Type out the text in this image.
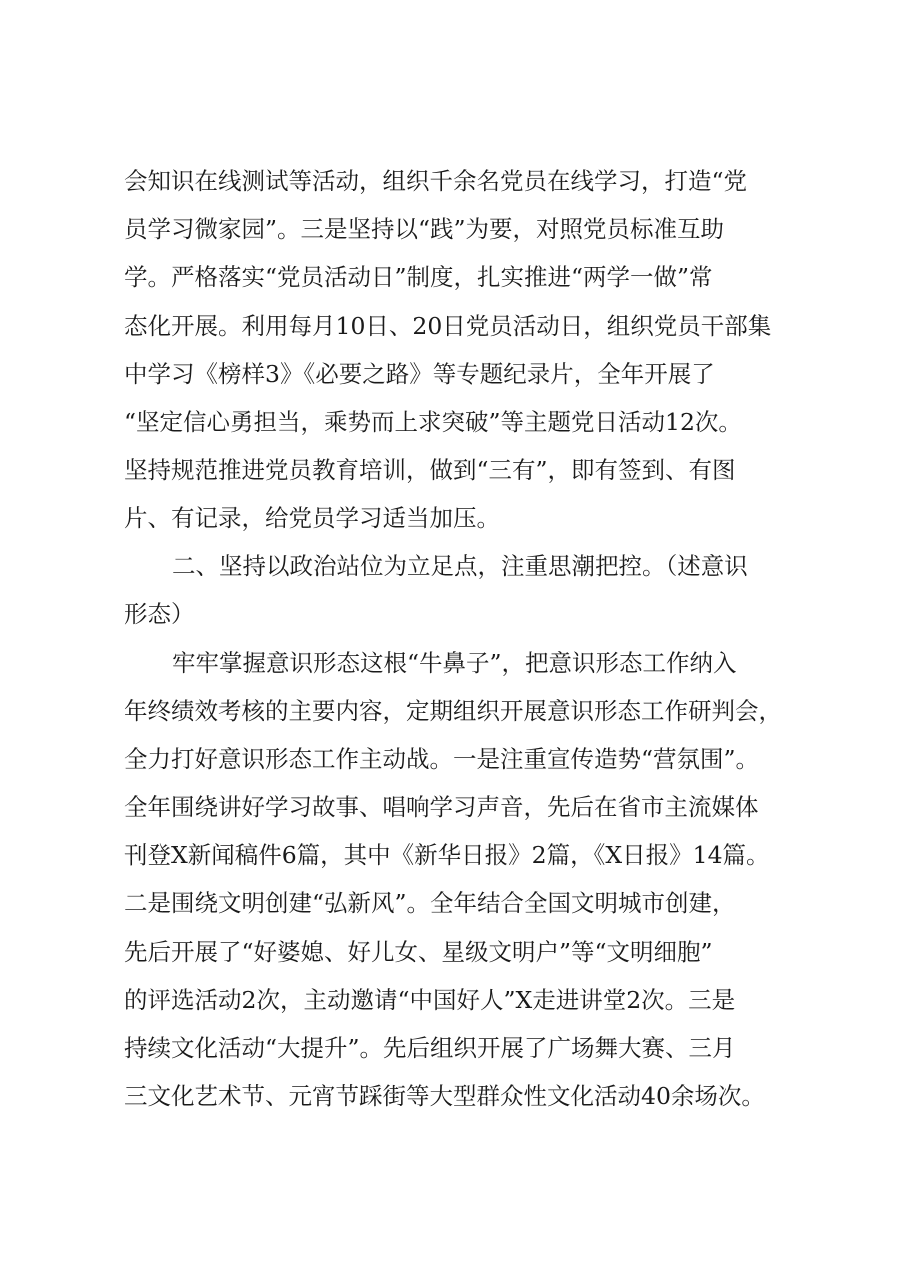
会知识在线测试等活动，组织千余名党员在线学习，打造“党
员学习微家园”。三是坚持以“践”为要，对照党员标准互助
学。严格落实“党员活动日”制度，扎实推进“两学一做”常
态化开展。利用每月10日、20日党员活动日，组织党员干部集
中学习《榜样3》《必要之路》等专题纪录片，全年开展了
“坚定信心勇担当，乘势而上求突破”等主题党日活动12次。
坚持规范推进党员教育培训，做到“三有”，即有签到、有图
片、有记录，给党员学习适当加压。
二、坚持以政治站位为立足点，注重思潮把控。（述意识
形态）
牢牢掌握意识形态这根“牛鼻子”，把意识形态工作纳入
年终绩效考核的主要内容，定期组织开展意识形态工作研判会，
全力打好意识形态工作主动战。一是注重宣传造势“营氛围”。
全年围绕讲好学习故事、唱响学习声音，先后在省市主流媒体
刊登X新闻稿件6篇，其中《新华日报》2篇，《X日报》14篇。
二是围绕文明创建“弘新风”。全年结合全国文明城市创建，
先后开展了“好婆媳、好儿女、星级文明户”等“文明细胞”
的评选活动2次，主动邀请“中国好人”X走进讲堂2次。三是
持续文化活动“大提升”。先后组织开展了广场舞大赛、三月
三文化艺术节、元宵节踩街等大型群众性文化活动40余场次。
